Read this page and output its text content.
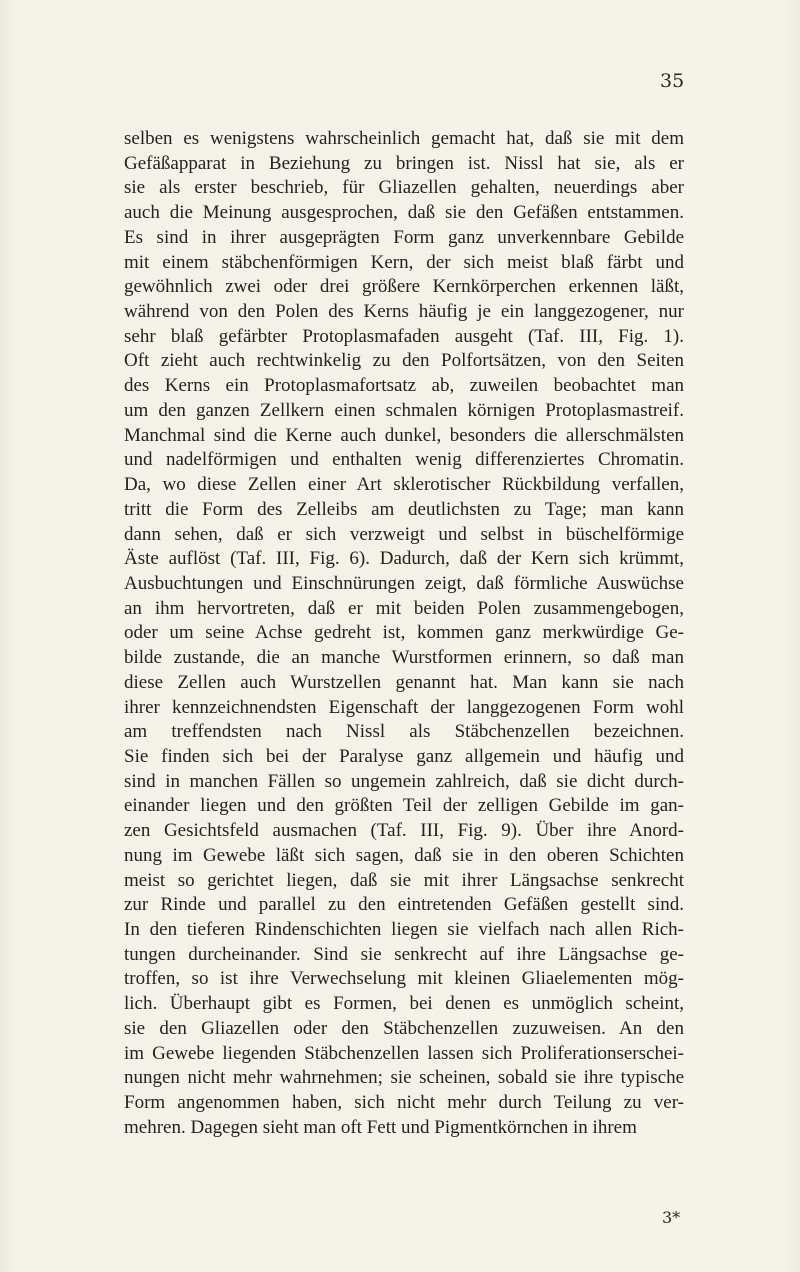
35
selben es wenigstens wahrscheinlich gemacht hat, daß sie mit dem
Gefäßapparat in Beziehung zu bringen ist. Nissl hat sie, als er
sie als erster beschrieb, für Gliazellen gehalten, neuerdings aber
auch die Meinung ausgesprochen, daß sie den Gefäßen entstammen.
Es sind in ihrer ausgeprägten Form ganz unverkennbare Gebilde
mit einem stäbchenförmigen Kern, der sich meist blaß färbt und
gewöhnlich zwei oder drei größere Kernkörperchen erkennen läßt,
während von den Polen des Kerns häufig je ein langgezogener, nur
sehr blaß gefärbter Protoplasmafaden ausgeht (Taf. III, Fig. 1).
Oft zieht auch rechtwinkelig zu den Polfortsätzen, von den Seiten
des Kerns ein Protoplasmafortsatz ab, zuweilen beobachtet man
um den ganzen Zellkern einen schmalen körnigen Protoplasmastreif.
Manchmal sind die Kerne auch dunkel, besonders die allerschmälsten
und nadelförmigen und enthalten wenig differenziertes Chromatin.
Da, wo diese Zellen einer Art sklerotischer Rückbildung verfallen,
tritt die Form des Zelleibs am deutlichsten zu Tage; man kann
dann sehen, daß er sich verzweigt und selbst in büschelförmige
Äste auflöst (Taf. III, Fig. 6). Dadurch, daß der Kern sich krümmt,
Ausbuchtungen und Einschnürungen zeigt, daß förmliche Auswüchse
an ihm hervortreten, daß er mit beiden Polen zusammengebogen,
oder um seine Achse gedreht ist, kommen ganz merkwürdige Ge-
bilde zustande, die an manche Wurstformen erinnern, so daß man
diese Zellen auch Wurstzellen genannt hat. Man kann sie nach
ihrer kennzeichnendsten Eigenschaft der langgezogenen Form wohl
am treffendsten nach Nissl als Stäbchenzellen bezeichnen.
Sie finden sich bei der Paralyse ganz allgemein und häufig und
sind in manchen Fällen so ungemein zahlreich, daß sie dicht durch-
einander liegen und den größten Teil der zelligen Gebilde im gan-
zen Gesichtsfeld ausmachen (Taf. III, Fig. 9). Über ihre Anord-
nung im Gewebe läßt sich sagen, daß sie in den oberen Schichten
meist so gerichtet liegen, daß sie mit ihrer Längsachse senkrecht
zur Rinde und parallel zu den eintretenden Gefäßen gestellt sind.
In den tieferen Rindenschichten liegen sie vielfach nach allen Rich-
tungen durcheinander. Sind sie senkrecht auf ihre Längsachse ge-
troffen, so ist ihre Verwechselung mit kleinen Gliaelementen mög-
lich. Überhaupt gibt es Formen, bei denen es unmöglich scheint,
sie den Gliazellen oder den Stäbchenzellen zuzuweisen. An den
im Gewebe liegenden Stäbchenzellen lassen sich Proliferationserschei-
nungen nicht mehr wahrnehmen; sie scheinen, sobald sie ihre typische
Form angenommen haben, sich nicht mehr durch Teilung zu ver-
mehren. Dagegen sieht man oft Fett und Pigmentkörnchen in ihrem
3*
